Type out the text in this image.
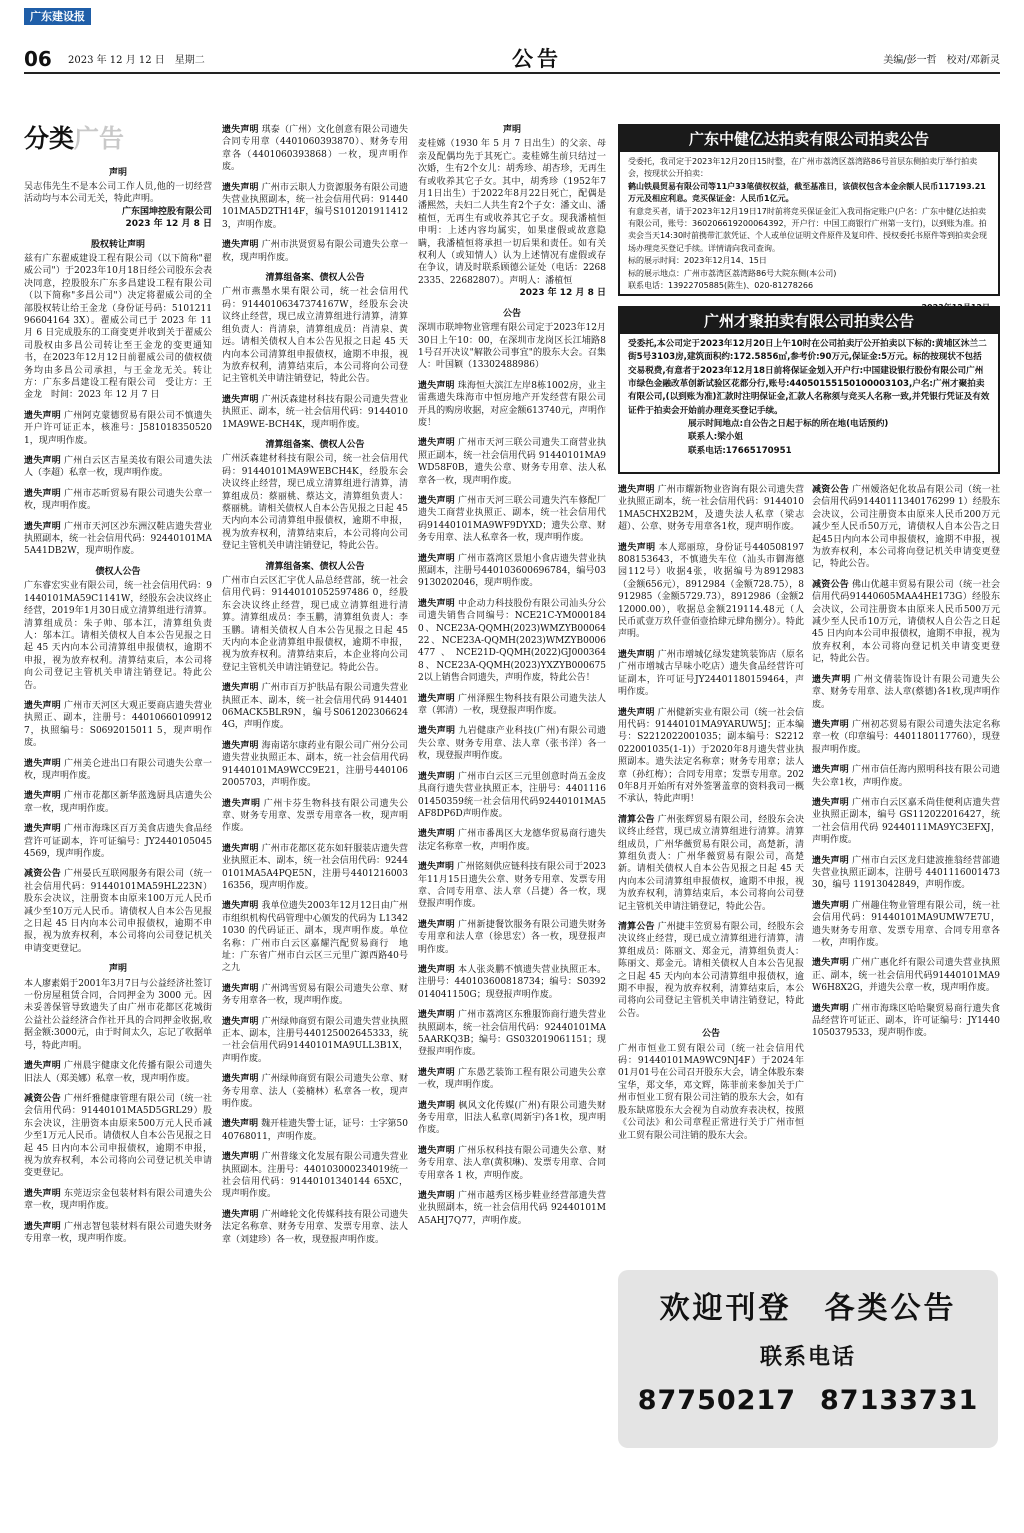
广东建设报
06 2023 年 12 月 12 日　星期二	公告	美编/彭一哲　校对/邓新灵
分类广告
声明
吴志伟先生不是本公司工作人员,他的一切经营活动均与本公司无关，特此声明。
广东国坤控股有限公司
2023 年 12 月 8 日
股权转让声明
兹有广东翟威建设工程有限公司（以下简称"翟威公司"）于2023年10月18日经公司股东会表决同意，控股股东广东多昌建设工程有限公司（以下简称"多昌公司"）决定将翟威公司的全部股权转让给王金龙（身份证号码：510121196604164 3X）。翟威公司已于 2023 年 11 月 6 日完成股东的工商变更并收到关于翟威公司股权由多昌公司转让至王金龙的变更通知书，在2023年12月12日前翟威公司的债权债务均由多昌公司承担，与王金龙无关。转让方：广东多昌建设工程有限公司　受让方：王金龙　时间：2023 年 12 月 7 日
遗失声明 广州阿克蒙德贸易有限公司不慎遗失开户许可证正本，核准号：J5810183505201，现声明作废。
遗失声明 广州白云区吉星美妆有限公司遗失法人（李超）私章一枚，现声明作废。
遗失声明 广州市芯昕贸易有限公司遗失公章一枚，现声明作废。
遗失声明 广州市天河区沙东洲汉鞋店遗失营业执照副本，统一社会信用代码：92440101MA5A41DB2W，现声明作废。
债权人公告
广东睿宏实业有限公司，统一社会信用代码：91440101MA59C1141W，经股东会决议终止经营，2019年1月30日成立清算组进行清算。清算组成员：朱子帅、邬本江，清算组负责人：邬本江。请相关债权人自本公告见报之日起 45 天内向本公司清算组申报债权，逾期不申报，视为放弃权利。清算结束后，本公司将向公司登记主管机关申请注销登记。特此公告。
遗失声明 广州市天河区大观正要商店遗失营业执照正、副本，注册号：440106601099127，执照编号：S0692015011 5，现声明作废。
遗失声明 广州美仑进出口有限公司遗失公章一枚，现声明作废。
遗失声明 广州市花都区新华蓝逸厨具店遗失公章一枚，现声明作废。
遗失声明 广州市海珠区百万美食店遗失食品经营许可证副本，许可证编号：JY24401050454569，现声明作废。
减资公告 广州晏氏互联网服务有限公司（统一社会信用代码：91440101MA59HL223N）股东会决议，注册资本由原来100万元人民币减少至10万元人民币。请债权人自本公告见报之日起 45 日内向本公司申报债权，逾期不申报，视为放弃权利，本公司将向公司登记机关申请变更登记。
声明
本人廖素娟于2001年3月7日与公益经济社签订一份房屋租赁合同，合同押金为 3000 元。因未妥善保管导致遗失了由广州市花都区花城街公益社公益经济合作社开具的合同押金收据,收据金额:3000元，由于时间太久，忘记了收据单号，特此声明。
遗失声明 广州晨宇健康文化传播有限公司遗失旧法人（郑美娜）私章一枚，现声明作废。
减资公告 广州纤雅健康管理有限公司（统一社会信用代码：91440101MA5D5GRL29）股东会决议，注册资本由原来500万元人民币减少至1万元人民币。请债权人自本公告见报之日起 45 日内向本公司申报债权，逾期不申报，视为放弃权利，本公司将向公司登记机关申请变更登记。
遗失声明 东莞迈宗金包装材料有限公司遗失公章一枚，现声明作废。
遗失声明 广州志智包装材料有限公司遗失财务专用章一枚，现声明作废。
遗失声明 琪泰（广州）文化创意有限公司遗失合同专用章（4401060393870）、财务专用章各（4401060393868）一枚，现声明作废。
遗失声明 广州市云职人力资源服务有限公司遗失营业执照副本，统一社会信用代码：91440101MA5D2TH14F，编号S1012019114123，声明作废。
遗失声明 广州市洪贤贸易有限公司遗失公章一枚，现声明作废。
清算组备案、债权人公告
广州市燕墨水果有限公司，统一社会信用代码：91440106347374167W，经股东会决议终止经营，现已成立清算组进行清算，清算组负责人：肖清泉，清算组成员：肖清泉、黄远。请相关债权人自本公告见报之日起 45 天内向本公司清算组申报债权，逾期不申报，视为放弃权利，清算结束后，本公司将向公司登记主管机关申请注销登记，特此公告。
遗失声明 广州沃森建材科技有限公司遗失营业执照正、副本，统一社会信用代码：91440101MA9WE-BCH4K，现声明作废。
清算组备案、债权人公告
广州沃森建材科技有限公司，统一社会信用代码：91440101MA9WEBCH4K，经股东会决议终止经营，现已成立清算组进行清算，清算组成员：蔡丽桃、蔡达文，清算组负责人：蔡丽桃。请相关债权人自本公告见报之日起 45 天内向本公司清算组申报债权，逾期不申报，视为放弃权利，清算结束后，本公司将向公司登记主管机关申请注销登记，特此公告。
清算组备案、债权人公告
广州市白云区汇宇优人品总经营部，统一社会信用代码：91440101052597486 0，经股东会决议终止经营，现已成立清算组进行清算。清算组成员：李玉鹏，清算组负责人：李玉鹏。请相关债权人自本公告见报之日起 45 天内向本企业清算组申报债权，逾期不申报，视为放弃权利。清算结束后，本企业将向公司登记主管机关申请注销登记。特此公告。
遗失声明 广州市百万护肤品有限公司遗失营业执照正本、副本，统一社会信用代码 91440106MACK5BLR9N，编号S0612023066244G，声明作废。
遗失声明 海南诺尔康药业有限公司广州分公司遗失营业执照正本、副本，统一社会信用代码 91440101MA9WCC9E21，注册号440106 2005703，声明作废。
遗失声明 广州卡芬生物科技有限公司遗失公章、财务专用章、发票专用章各一枚，现声明作废。
遗失声明 广州市花都区花东如轩服装店遗失营业执照正本、副本，统一社会信用代码：92440101MA5A4PQE5N，注册号440121600316356，现声明作废。
遗失声明 我单位遗失2003年12月12日由广州市组织机构代码管理中心颁发的代码为 L13421030 的代码证正、副本，现声明作废。单位名称：广州市白云区嘉耀汽配贸易商行　地址：广东省广州市白云区三元里广源西路40号之九
遗失声明 广州鸿雪贸易有限公司遗失公章、财务专用章各一枚，现声明作废。
遗失声明 广州绿帅商贸有限公司遗失营业执照正本、副本，注册号440125002645333，统一社会信用代码91440101MA9ULL3B1X，声明作废。
遗失声明 广州绿帅商贸有限公司遗失公章、财务专用章、法人（姜楠林）私章各一枚，现声明作废。
遗失声明 魏开桂遗失警士证，证号：士字第5040768011，声明作废。
遗失声明 广州普缘文化发展有限公司遗失营业执照副本。注册号：440103000234019统一社会信用代码：91440101340144 65XC，现声明作废。
遗失声明 广州峰轮文化传媒科技有限公司遗失法定名称章、财务专用章、发票专用章、法人章（刘建珍）各一枚，现登报声明作废。
声明
麦桂嫦（1930 年 5 月 7 日出生）的父亲、母亲及配偶均先于其死亡。麦桂嫦生前只结过一次婚，生有2个女儿：胡秀珍、胡杏珍，无再生有或收养其它子女。其中，胡秀珍（1952年7月1日出生）于2022年8月22日死亡，配偶是潘熙然，夫妇二人共生育2个子女：潘文山、潘植恒，无再生有或收养其它子女。现我潘植恒申明：上述内容均属实，如果虚假或故意隐瞒，我潘植恒将承担一切后果和责任。如有关权利人（或知情人）认为上述情况有虚假或存在争议，请及时联系顾德公证处（电话：22682335、22682807）。声明人：潘植恒
2023 年 12 月 8 日
公告
深圳市联坤物业管理有限公司定于2023年12月30日上午10：00，在深圳市龙岗区长江埔路81号召开决议"解散公司事宜"的股东大会。召集人：叶国颖（13302488986）
遗失声明 珠海恒大滨江左岸8栋1002房，业主雷燕遗失珠海市中恒房地产开发经营有限公司开具的购房收据，对应金额613740元，声明作废！
遗失声明 广州市天河三联公司遗失工商营业执照正副本，统一社会信用代码 91440101MA9WD58F0B，遗失公章、财务专用章、法人私章各一枚，现声明作废。
遗失声明 广州市天河三联公司遗失汽车修配厂遗失工商营业执照正、副本，统一社会信用代码91440101MA9WF9DYXD；遗失公章、财务专用章、法人私章各一枚，现声明作废。
遗失声明 广州市荔湾区景旭小食店遗失营业执照副本，注册号440103600696784，编号039130202046，现声明作废。
遗失声明 中企动力科技股份有限公司汕头分公司遗失销售合同编号：NCE21C-YM0001840、NCE23A-QQMH(2023)WMZYB0006422、NCE23A-QQMH(2023)WMZYB0006477、NCE21D-QQMH(2022)GJ0003648、NCE23A-QQMH(2023)YXZYB0006752以上销售合同遗失，声明作废，特此公告！
遗失声明 广州泽熙生物科技有限公司遗失法人章（郭清）一枚，现登报声明作废。
遗失声明 九岩健康产业科技(广州)有限公司遗失公章、财务专用章、法人章（张书洋）各一枚，现登报声明作废。
遗失声明 广州市白云区三元里创意时尚五金皮具商行遗失营业执照正本，注册号：440111601450359统一社会信用代码92440101MA5AF8DP6D声明作废。
遗失声明 广州市番禺区大龙德华贸易商行遗失法定名称章一枚，声明作废。
遗失声明 广州铭刻供应链科技有限公司于2023年11月15日遗失公章、财务专用章、发票专用章、合同专用章、法人章（吕捷）各一枚，现登报声明作废。
遗失声明 广州新捷餐饮服务有限公司遗失财务专用章和法人章（徐思宏）各一枚，现登报声明作废。
遗失声明 本人张炎鹏不慎遗失营业执照正本。注册号：440103600818734；编号：S0392014041150G；现登报声明作废。
遗失声明 广州市荔湾区东雅服饰商行遗失营业执照副本，统一社会信用代码：92440101MA5AARKQ3B；编号：GS032019061151；现登报声明作废。
遗失声明 广东愚艺装饰工程有限公司遗失公章一枚，现声明作废。
遗失声明 枫风文化传媒(广州)有限公司遗失财务专用章，旧法人私章(周新宇)各1枚，现声明作废。
遗失声明 广州乐权科技有限公司遗失公章、财务专用章、法人章(黄积琳)、发票专用章、合同专用章各 1 枚，声明作废。
遗失声明 广州市越秀区杨步鞋业经营部遗失营业执照副本，统一社会信用代码 92440101MA5AHJ7Q77，声明作废。
遗失声明 广州市耀新物业咨询有限公司遗失营业执照正副本，统一社会信用代码：91440101MA5CHX2B2M，及遗失法人私章（梁志超）、公章、财务专用章各1枚，现声明作废。
遗失声明 本人郑丽琼，身份证号440508197808153643，不慎遗失车位（汕头市御海德园112号）收据4张，收据编号为8912983（金额656元），8912984（金额728.75），8912985（金额5729.73），8912986（金额212000.00），收据总金额219114.48元（人民币贰壹万玖仟壹佰壹拾肆元肆角捌分）。特此声明。
遗失声明 广州市增城亿绿发建筑装饰店（原名广州市增城古早味小吃店）遗失食品经营许可证副本，许可证号JY24401180159464，声明作废。
遗失声明 广州健新实业有限公司（统一社会信用代码：91440101MA9YARUW5J；正本编号：S2212022001035；副本编号：S2212022001035(1-1)）于2020年8月遗失营业执照副本。遗失法定名称章；财务专用章；法人章（孙红梅）；合同专用章；发票专用章。2020年8月开始所有对外签署盖章的资料我司一概不承认，特此声明！
清算公告 广州张辉贸易有限公司，经股东会决议终止经营，现已成立清算组进行清算。清算组成员，广州华薇贸易有限公司，高楚新，清算组负责人：广州华薇贸易有限公司，高楚新。请相关债权人自本公告见报之日起 45 天内向本公司清算组申报债权，逾期不申报，视为放弃权利，清算结束后，本公司将向公司登记主管机关申请注销登记，特此公告。
清算公告 广州捷丰笠贸易有限公司，经股东会决议终止经营，现已成立清算组进行清算，清算组成员：陈丽文、郑金元，清算组负责人：陈丽文、郑金元。请相关债权人自本公告见报之日起 45 天内向本公司清算组申报债权，逾期不申报，视为放弃权利，清算结束后，本公司将向公司登记主管机关申请注销登记，特此公告。
公告
广州市恒业工贸有限公司（统一社会信用代码：91440101MA9WC9NJ4F）于2024年01月01号在公司召开股东大会，请全体股东秦宝华，郑文华，邓文辉，陈菲前来参加关于广州市恒业工贸有限公司注销的股东大会，如有股东缺席股东大会视为自动放弃表决权，按照《公司法》和公司章程正常进行关于广州市恒业工贸有限公司注销的股东大会。
减资公告 广州嫒洛妃化妆品有限公司（统一社会信用代码91440111340176299 1）经股东会决议，公司注册资本由原来人民币200万元减少至人民币50万元，请债权人自本公告之日起45日内向本公司申报债权，逾期不申报，视为放弃权利，本公司将向登记机关申请变更登记，特此公告。
减资公告 佛山优越丰贸易有限公司（统一社会信用代码91440605MAA4HE173G）经股东会决议，公司注册资本由原来人民币500万元减少至人民币10万元，请债权人自公告之日起 45 日内向本公司申报债权，逾期不申报，视为放弃权利，本公司将向登记机关申请变更登记，特此公告。
遗失声明 广州文倩装饰设计有限公司遗失公章、财务专用章、法人章(蔡德)各1枚,现声明作废。
遗失声明 广州初芯贸易有限公司遗失法定名称章一枚（印章编号：4401180117760），现登报声明作废。
遗失声明 广州市信任海内照明科技有限公司遗失公章1枚，声明作废。
遗失声明 广州市白云区嘉禾尚佳便利店遗失营业执照正副本，编号 GS112022016427，统一社会信用代码 92440111MA9YC3EFXJ，声明作废。
遗失声明 广州市白云区龙归建波推翁经营部遗失营业执照正副本，注册号 440111600147330，编号 11913042849，声明作废。
遗失声明 广州趣住物业管理有限公司，统一社会信用代码：91440101MA9UMW7E7U，遗失财务专用章、发票专用章、合同专用章各一枚，声明作废。
遗失声明 广州广惠化纤有限公司遗失营业执照正、副本，统一社会信用代码91440101MA9W6H8X2G，并遗失公章一枚，现声明作废。
遗失声明 广州市海珠区哈哈聚贸易商行遗失食品经营许可证正、副本，许可证编号：JY14401050379533，现声明作废。
广东中健亿达拍卖有限公司拍卖公告
受委托，我司定于2023年12月20日15时整，在广州市荔湾区荔湾路86号首层东侧拍卖厅举行拍卖会，按现状公开拍卖：
鹤山铁晨贸易有限公司等11户33笔债权权益，截至基准日，该债权包含本金余额人民币117193.21万元及相应利息。竞买保证金：人民币1亿元。
有意竞买者，请于2023年12月19日17时前将竞买保证金汇入我司指定账户(户名：广东中健亿达拍卖有限公司，账号：360206619200064392，开户行：中国工商银行广州第一支行)，以到账为准。拍卖会当天14:30时前携带汇款凭证、个人或单位证明文件原件及复印件、授权委托书原件等到拍卖会现场办理竞买登记手续。详情请向我司查询。
标的展示时间：2023年12月14、15日
标的展示地点：广州市荔湾区荔湾路86号大院东侧(本公司)
联系电话：13922705885(陈生)、020-81278266
广州才聚拍卖有限公司拍卖公告

受委托,本公司定于2023年12月20日上午10时在公司拍卖厅公开拍卖以下标的:黄埔区沐兰二街5号3103房,建筑面积约:172.5856㎡,参考价:90万元,保证金:5万元。标的按现状不包括交易税费,有意者于2023年12月18日前将保证金划入开户行:中国建设银行股份有限公司广州市绿色金融改革创新试验区花都分行,账号:44050155150100003103,户名:广州才聚拍卖有限公司,(以到账为准)汇款时注明保证金,汇款人名称须与竞买人名称一致,并凭银行凭证及有效证件于拍卖会开始前办理竞买登记手续。

展示时间地点:自公告之日起于标的所在地(电话预约)

联系人:梁小姐

联系电话:17665170951

欢迎刊登　各类公告
联系电话
87750217 87133731
